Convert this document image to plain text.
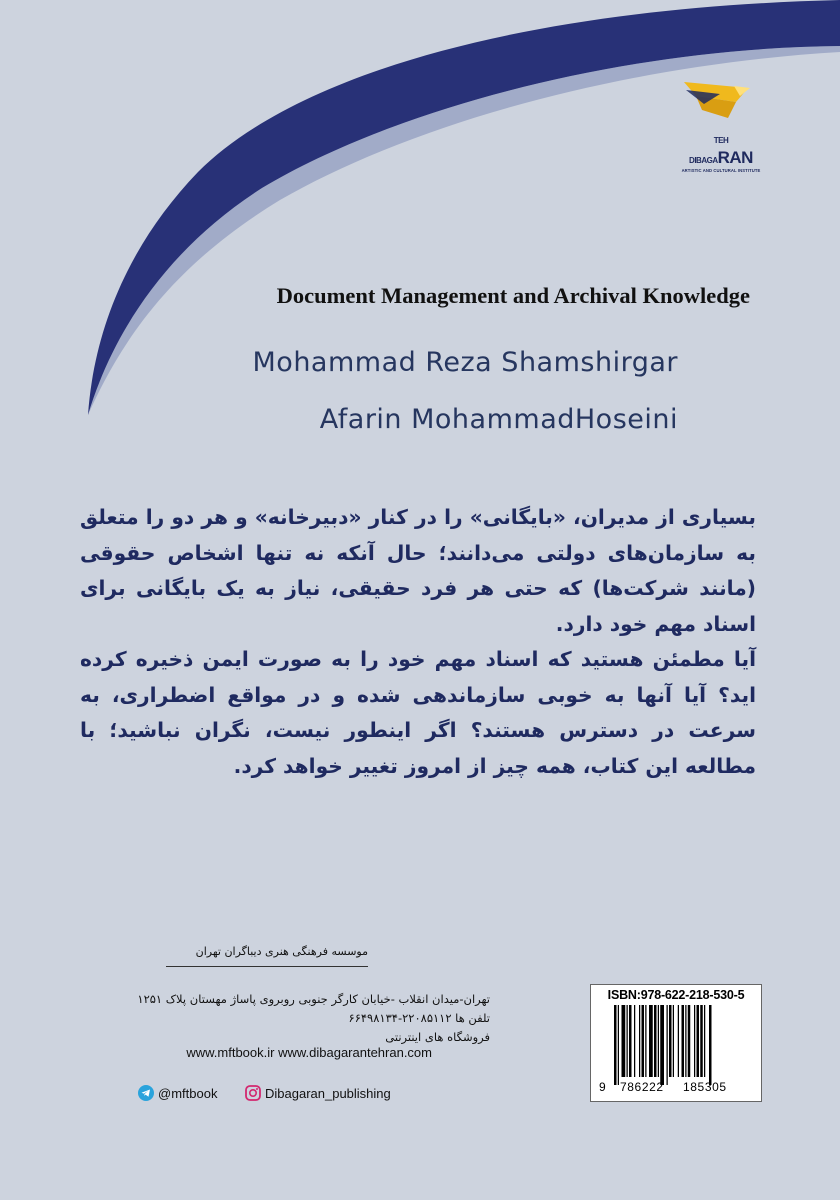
TEH
DIBAGARAN
ARTISTIC AND CULTURAL INSTITUTE
Document Management and Archival Knowledge
Mohammad Reza Shamshirgar
Afarin MohammadHoseini

بسیاری از مدیران، «بایگانی» را در کنار «دبیرخانه» و هر دو را متعلق به سازمان‌های دولتی می‌دانند؛ حال آنکه نه تنها اشخاص حقوقی (مانند شرکت‌ها) که حتی هر فرد حقیقی، نیاز به یک بایگانی برای اسناد مهم خود دارد.

آیا مطمئن هستید که اسناد مهم خود را به صورت ایمن ذخیره کرده اید؟ آیا آنها به خوبی سازماندهی شده و در مواقع اضطراری، به سرعت در دسترس هستند؟ اگر اینطور نیست، نگران نباشید؛ با مطالعه این کتاب، همه چیز از امروز تغییر خواهد کرد.

موسسه فرهنگی هنری دیباگران تهران
تهران-میدان انقلاب -خیابان کارگر جنوبی روبروی پاساژ مهستان پلاک ۱۲۵۱
تلفن ها ۲۲۰۸۵۱۱۲-۶۶۴۹۸۱۳۴
فروشگاه های اینترنتی
www.mftbook.ir www.dibagarantehran.com
@mftbook	Dibagaran_publishing
ISBN:978-622-218-530-5
9 786222 185305
